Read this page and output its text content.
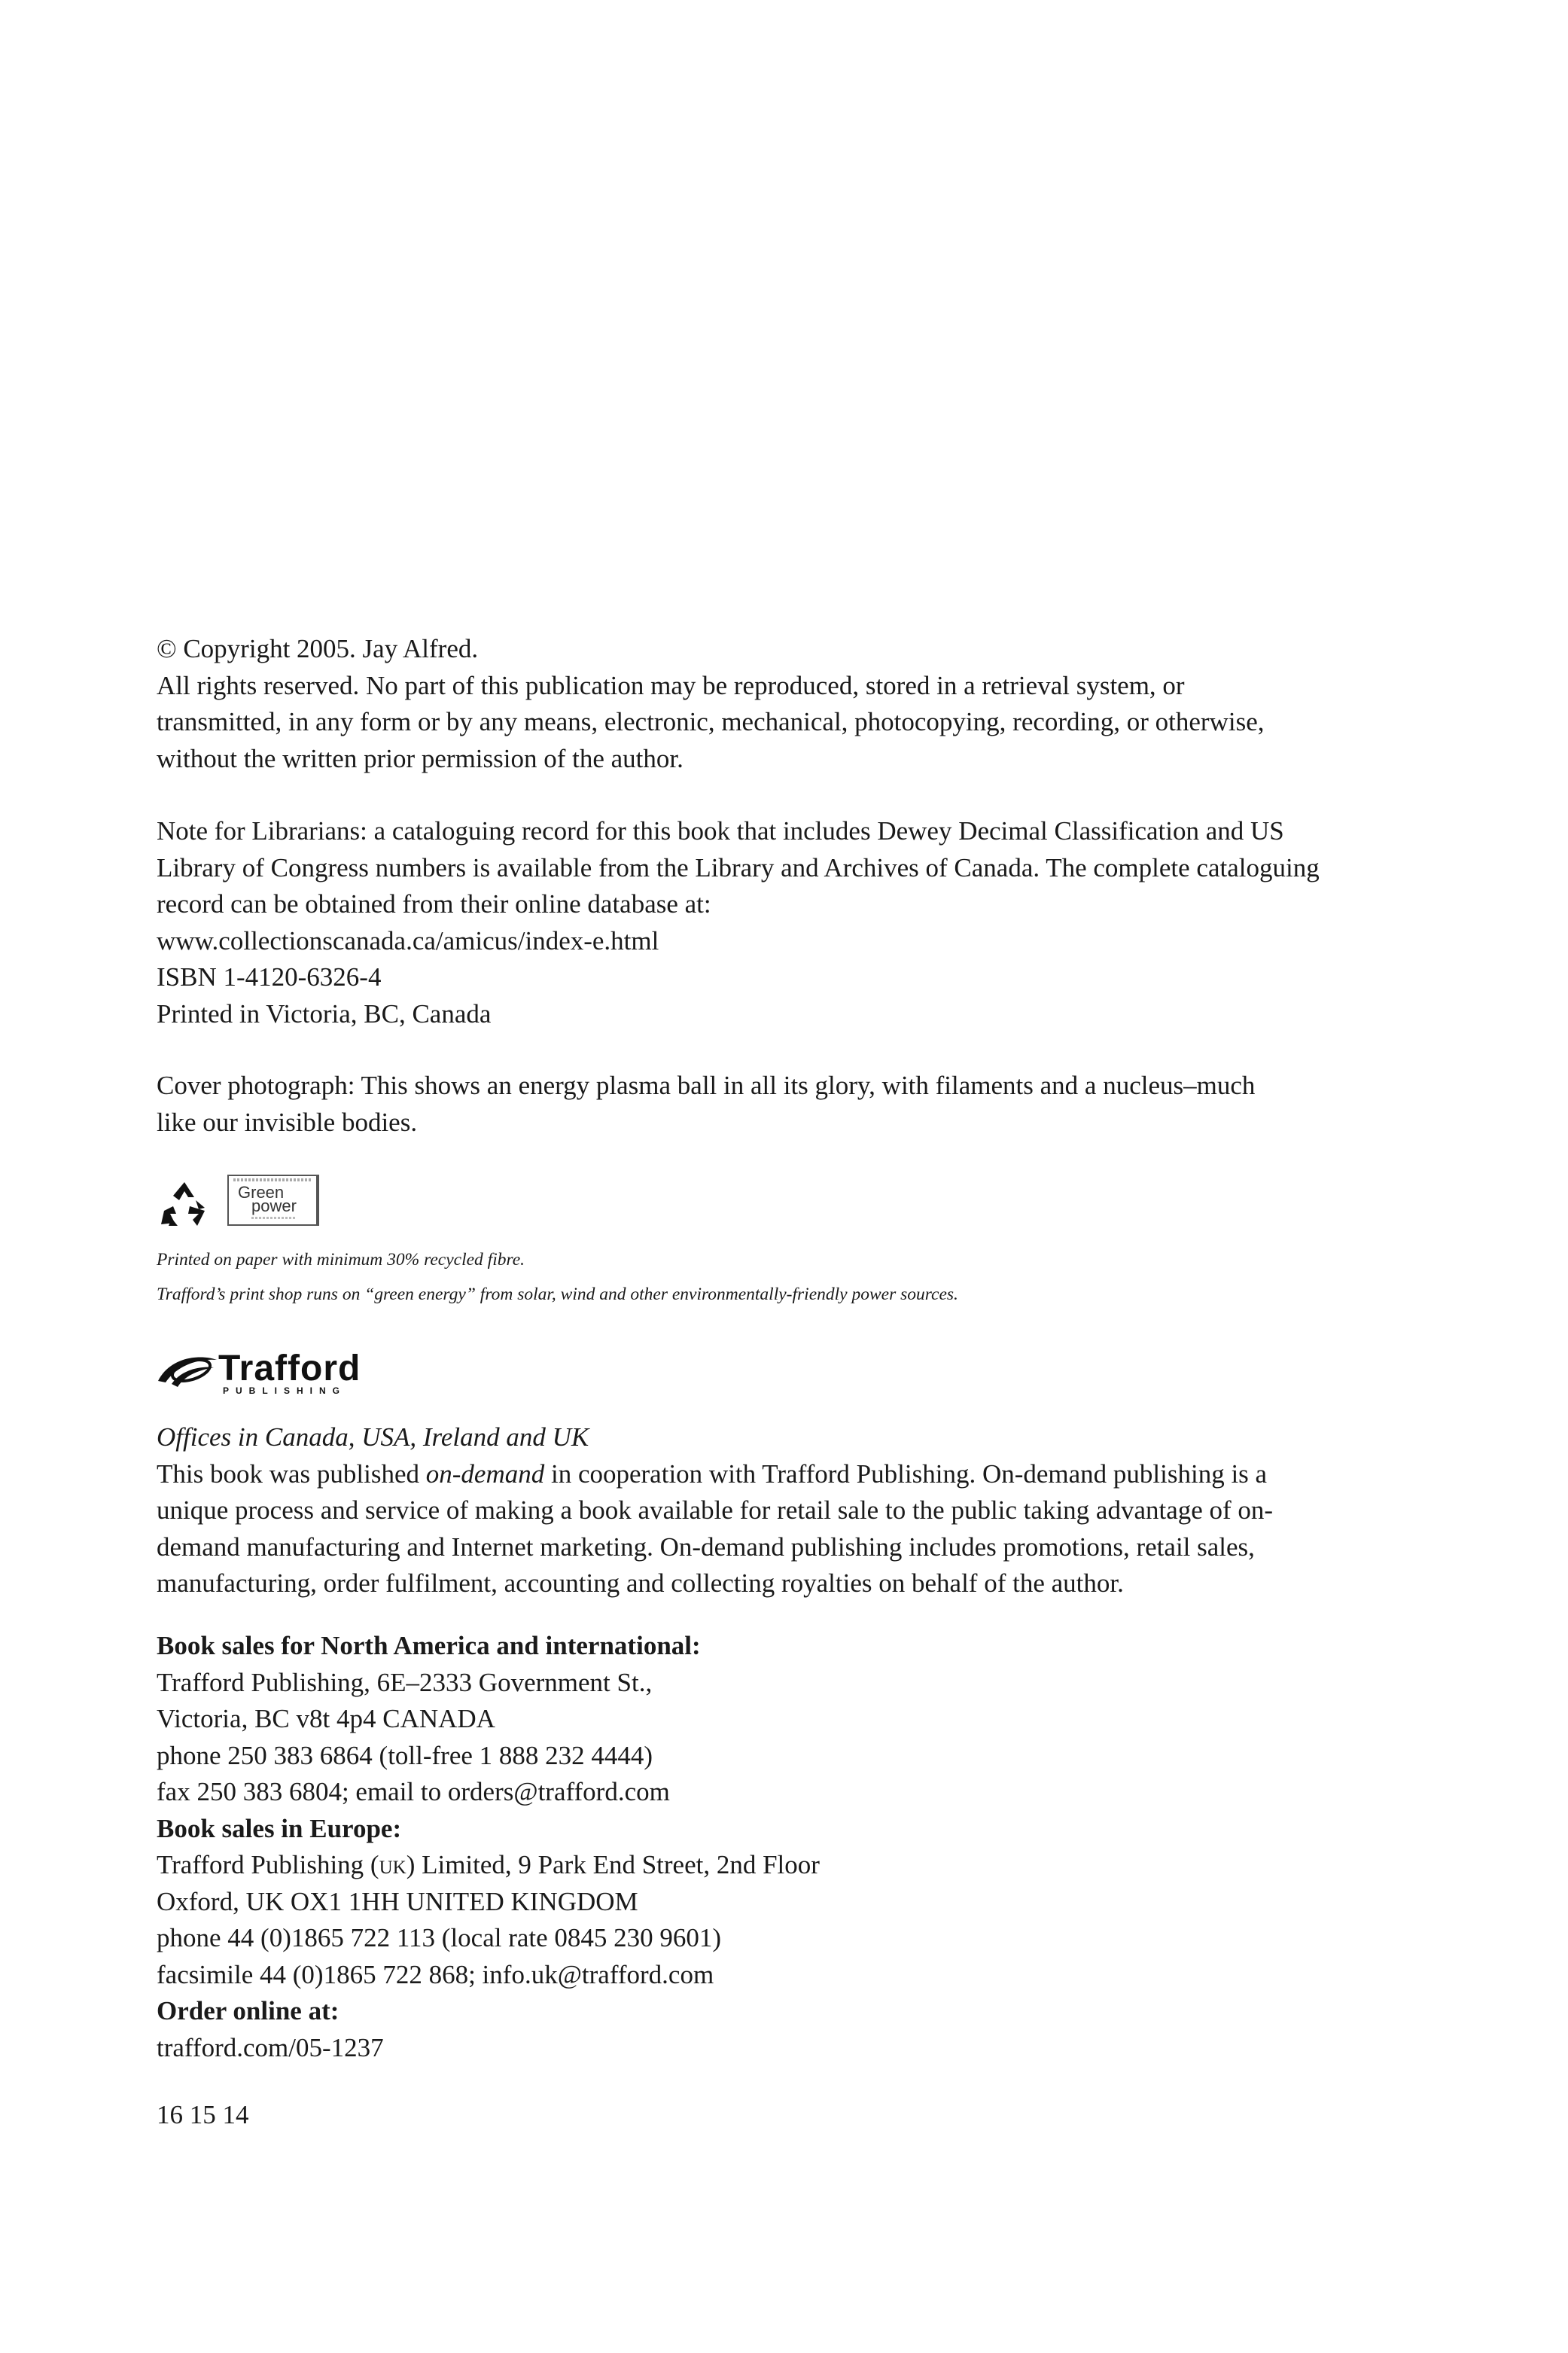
© Copyright 2005. Jay Alfred.
All rights reserved. No part of this publication may be reproduced, stored in a retrieval system, or
transmitted, in any form or by any means, electronic, mechanical, photocopying, recording, or otherwise,
without the written prior permission of the author.
Note for Librarians: a cataloguing record for this book that includes Dewey Decimal Classification and US
Library of Congress numbers is available from the Library and Archives of Canada. The complete cataloguing
record can be obtained from their online database at:
www.collectionscanada.ca/amicus/index-e.html
ISBN 1-4120-6326-4
Printed in Victoria, BC, Canada
Cover photograph: This shows an energy plasma ball in all its glory, with filaments and a nucleus–much
like our invisible bodies.
Green
power
Printed on paper with minimum 30% recycled fibre.
Trafford’s print shop runs on “green energy” from solar, wind and other environmentally-friendly power sources.
Trafford
PUBLISHING
Offices in Canada, USA, Ireland and UK
This book was published on-demand in cooperation with Trafford Publishing. On-demand publishing is a
unique process and service of making a book available for retail sale to the public taking advantage of on-
demand manufacturing and Internet marketing. On-demand publishing includes promotions, retail sales,
manufacturing, order fulfilment, accounting and collecting royalties on behalf of the author.
Book sales for North America and international:
Trafford Publishing, 6E–2333 Government St.,
Victoria, BC v8t 4p4 CANADA
phone 250 383 6864 (toll-free 1 888 232 4444)
fax 250 383 6804; email to orders@trafford.com
Book sales in Europe:
Trafford Publishing (uk) Limited, 9 Park End Street, 2nd Floor
Oxford, UK OX1 1HH UNITED KINGDOM
phone 44 (0)1865 722 113 (local rate 0845 230 9601)
facsimile 44 (0)1865 722 868; info.uk@trafford.com
Order online at:
trafford.com/05-1237
16 15 14
